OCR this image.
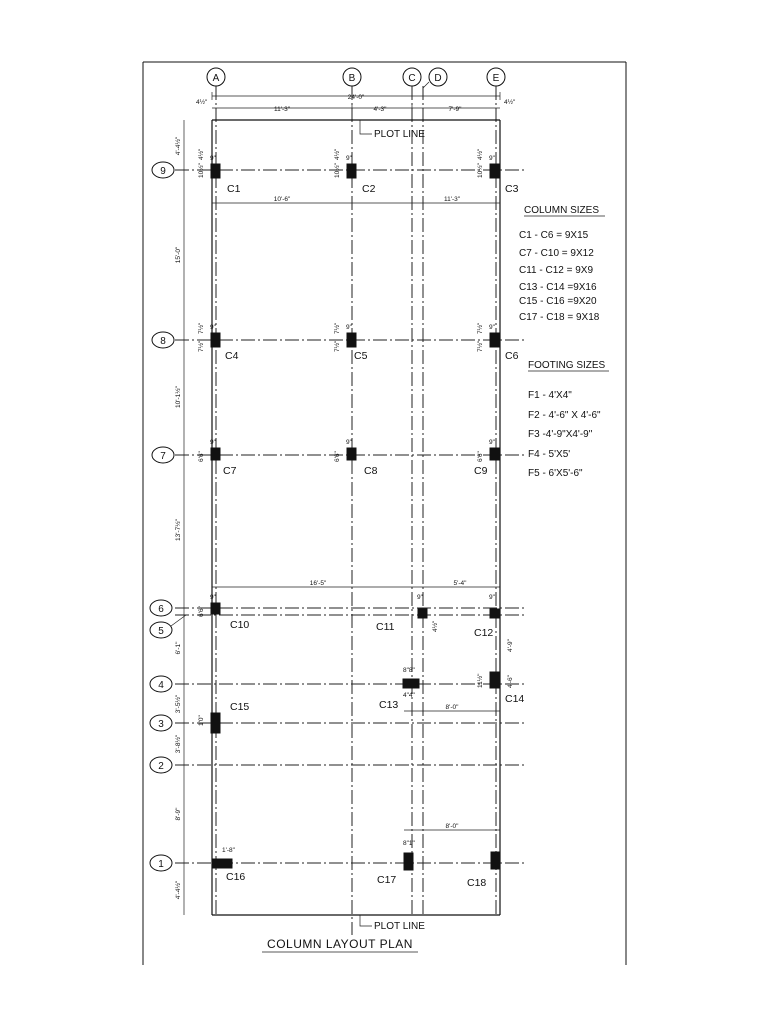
PLOT LINE
PLOT LINE
A	B	C D	E
9
8
7
6
5
4
3
2
1
24'-0"
11'-3"	4'-3"	7'-9"
4½"	4½"
10'-6"	11'-3"
16'-5"	5'-4"
8'-0"
8'-0"
4'-4½"
15'-0"
10'-1½"
13'-7½"
6'-1"
3'-5½"
3'-8½"
8'-9"
4'-4½"
C1	C2	C3
C4	C5	C6
C7	C8	C9
C10	C11	C12
C13	C14
C15
C16	C17	C18
10½"	10½"	10½"
4½"	4½"	4½"
7½"	7½"	7½"
7½"	7½"	7½"
6'6"	6'6"	6'6"
6'6"
9"	9"	9"
9"	9"	9"
9"	9"	9"
9"	9"	9"
1'-8"
8"8"
4"4"
8"1"
1'0"
11½"
4'-9"
4'-6"
4½"
COLUMN SIZES
C1 - C6 = 9X15
C7 - C10 = 9X12
C11 - C12 = 9X9
C13 - C14 =9X16
C15 - C16 =9X20
C17 - C18 = 9X18
FOOTING SIZES
F1 - 4'X4"
F2 - 4'-6" X 4'-6"
F3 -4'-9"X4'-9"
F4 - 5'X5'
F5 - 6'X5'-6"
COLUMN LAYOUT PLAN
